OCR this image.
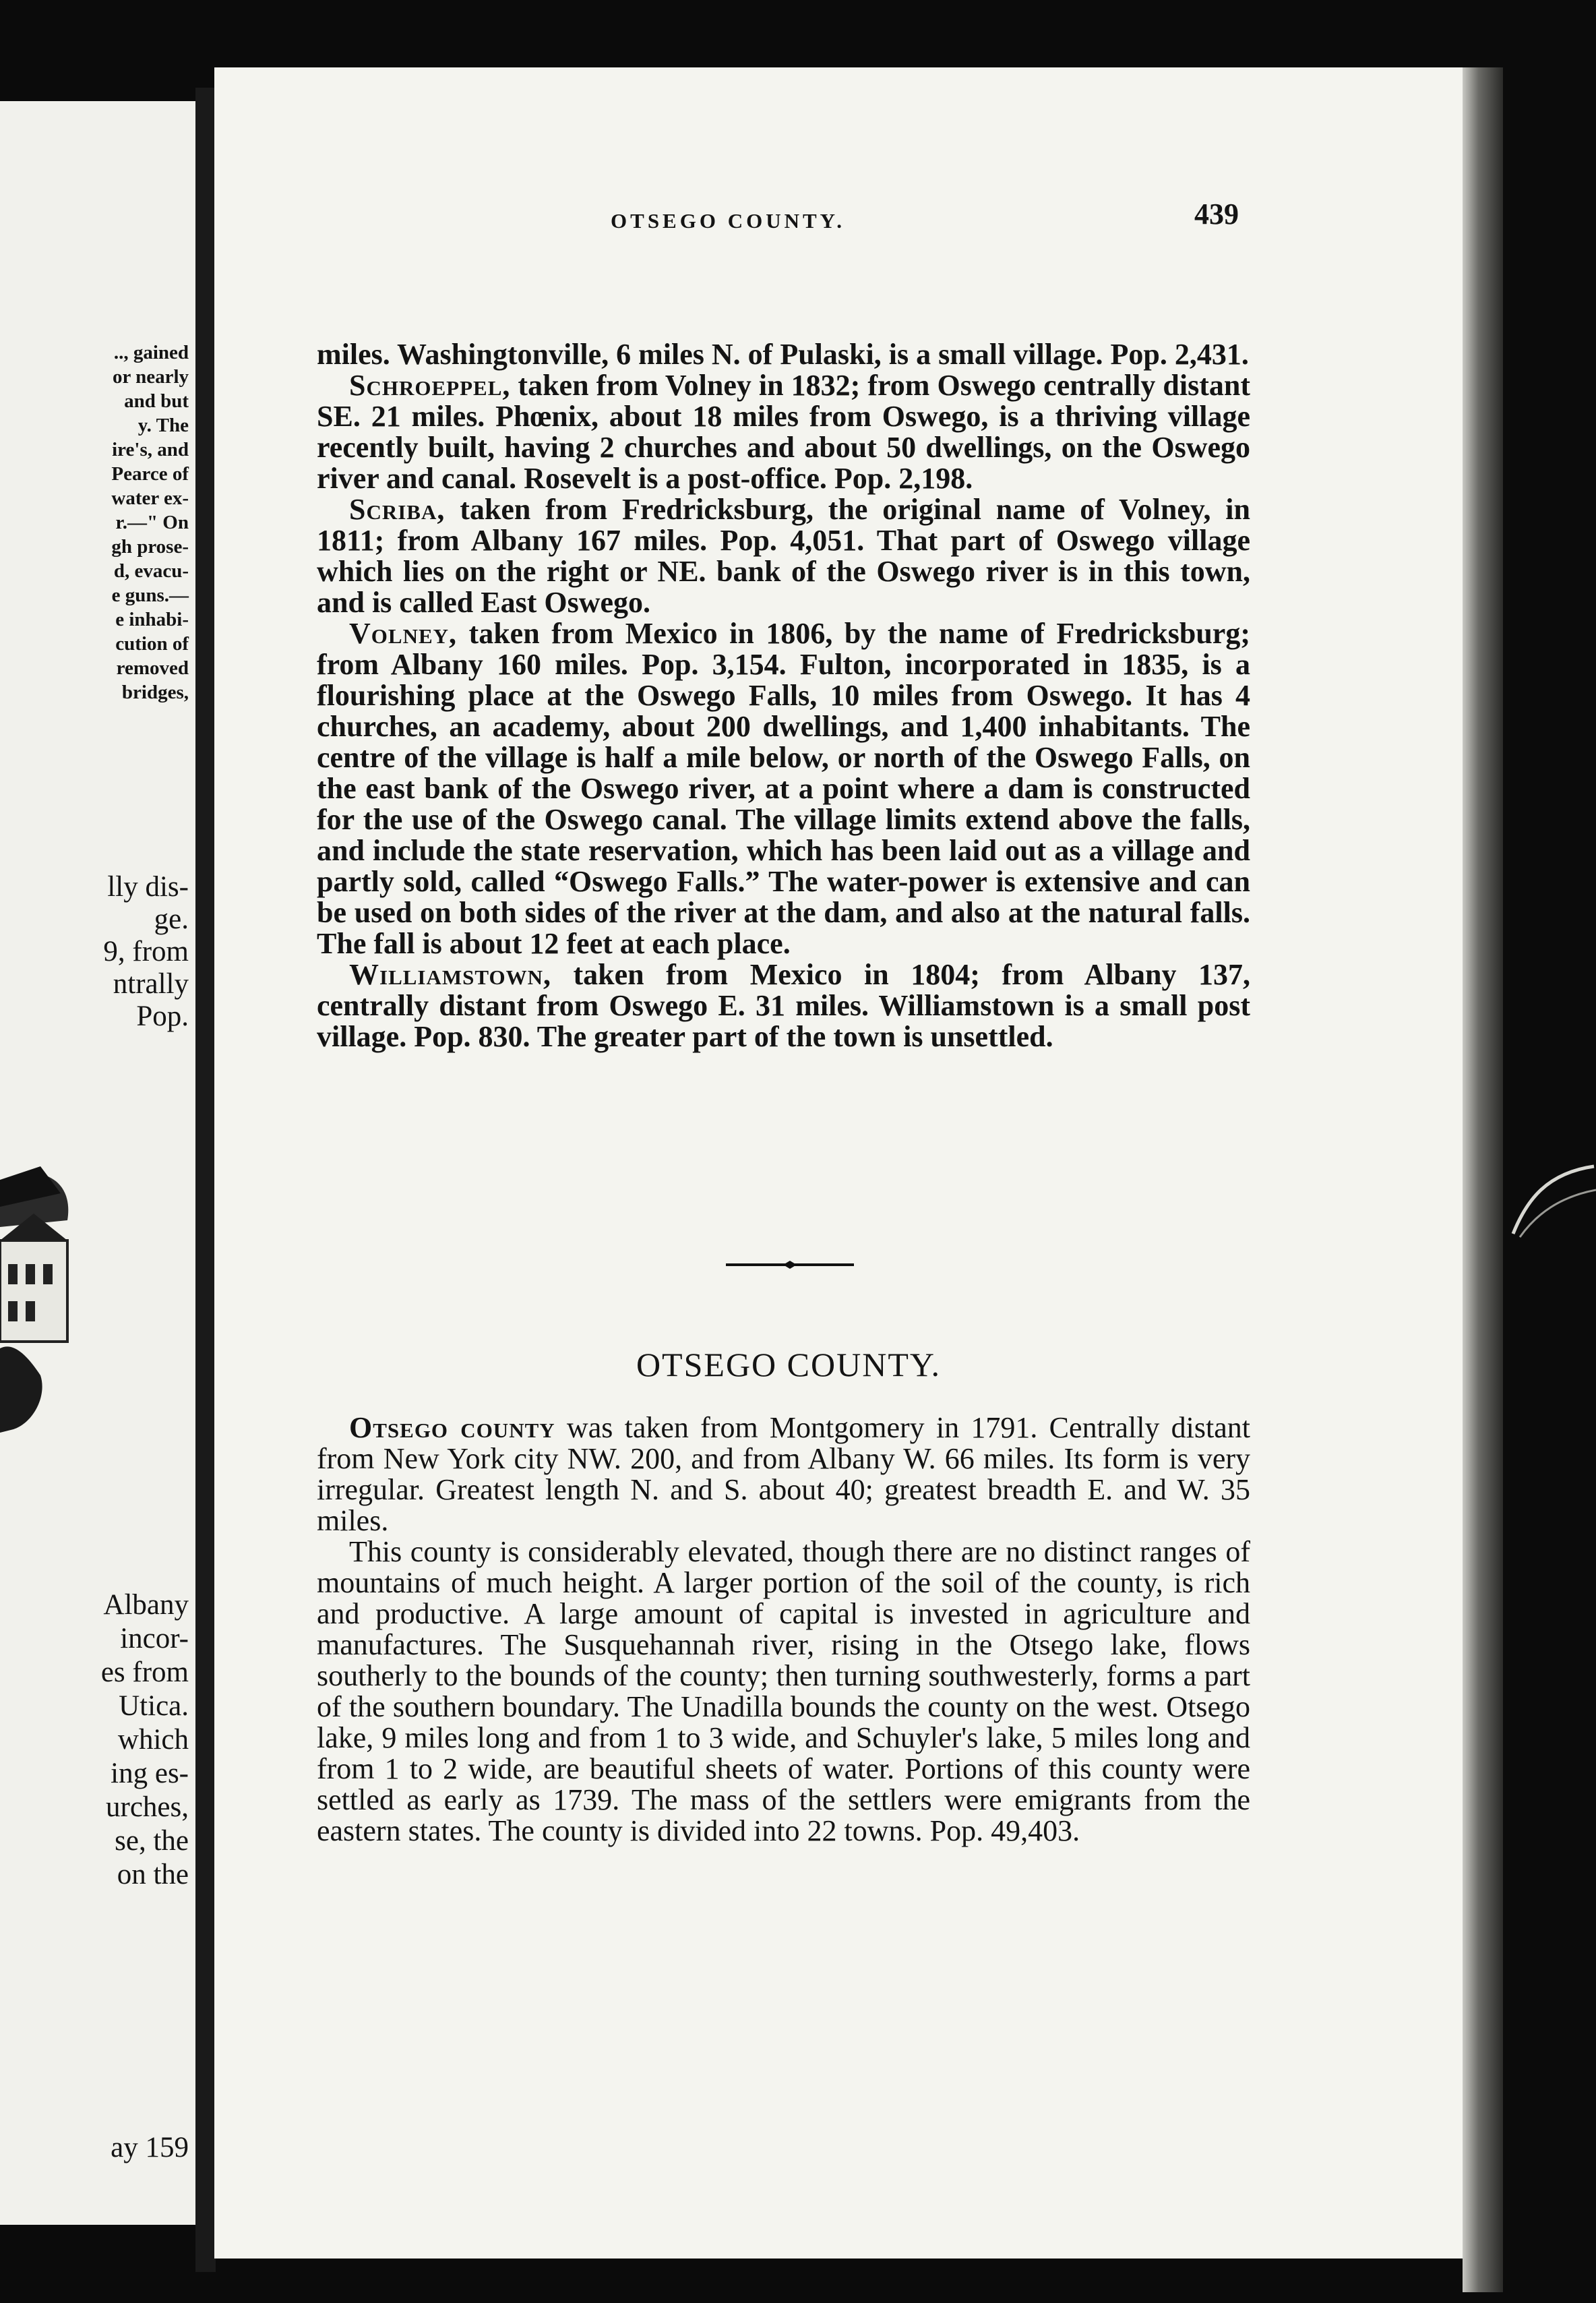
.., gained
or nearly
and but
y. The
ire's, and
Pearce of
water ex-
r.—" On
gh prose-
d, evacu-
e guns.—
e inhabi-
cution of
removed
bridges,
lly dis-
ge.
9, from
ntrally
Pop.
Albany
incor-
es from
Utica.
which
ing es-
urches,
se, the
on the
ay 159
OTSEGO COUNTY.	439

miles. Washingtonville, 6 miles N. of Pulaski, is a small village. Pop. 2,431.

Schroeppel, taken from Volney in 1832; from Oswego centrally distant SE. 21 miles. Phœnix, about 18 miles from Oswego, is a thriving village recently built, having 2 churches and about 50 dwellings, on the Oswego river and canal. Rosevelt is a post-office. Pop. 2,198.

Scriba, taken from Fredricksburg, the original name of Volney, in 1811; from Albany 167 miles. Pop. 4,051. That part of Oswego village which lies on the right or NE. bank of the Oswego river is in this town, and is called East Oswego.

Volney, taken from Mexico in 1806, by the name of Fredricksburg; from Albany 160 miles. Pop. 3,154. Fulton, incorporated in 1835, is a flourishing place at the Oswego Falls, 10 miles from Oswego. It has 4 churches, an academy, about 200 dwellings, and 1,400 inhabitants. The centre of the village is half a mile below, or north of the Oswego Falls, on the east bank of the Oswego river, at a point where a dam is constructed for the use of the Oswego canal. The village limits extend above the falls, and include the state reservation, which has been laid out as a village and partly sold, called “Oswego Falls.” The water-power is extensive and can be used on both sides of the river at the dam, and also at the natural falls. The fall is about 12 feet at each place.

Williamstown, taken from Mexico in 1804; from Albany 137, centrally distant from Oswego E. 31 miles. Williamstown is a small post village. Pop. 830. The greater part of the town is unsettled.

OTSEGO COUNTY.

Otsego county was taken from Montgomery in 1791. Centrally distant from New York city NW. 200, and from Albany W. 66 miles. Its form is very irregular. Greatest length N. and S. about 40; greatest breadth E. and W. 35 miles.

This county is considerably elevated, though there are no distinct ranges of mountains of much height. A larger portion of the soil of the county, is rich and productive. A large amount of capital is invested in agriculture and manufactures. The Susquehannah river, rising in the Otsego lake, flows southerly to the bounds of the county; then turning southwesterly, forms a part of the southern boundary. The Unadilla bounds the county on the west. Otsego lake, 9 miles long and from 1 to 3 wide, and Schuyler's lake, 5 miles long and from 1 to 2 wide, are beautiful sheets of water. Portions of this county were settled as early as 1739. The mass of the settlers were emigrants from the eastern states. The county is divided into 22 towns. Pop. 49,403.
